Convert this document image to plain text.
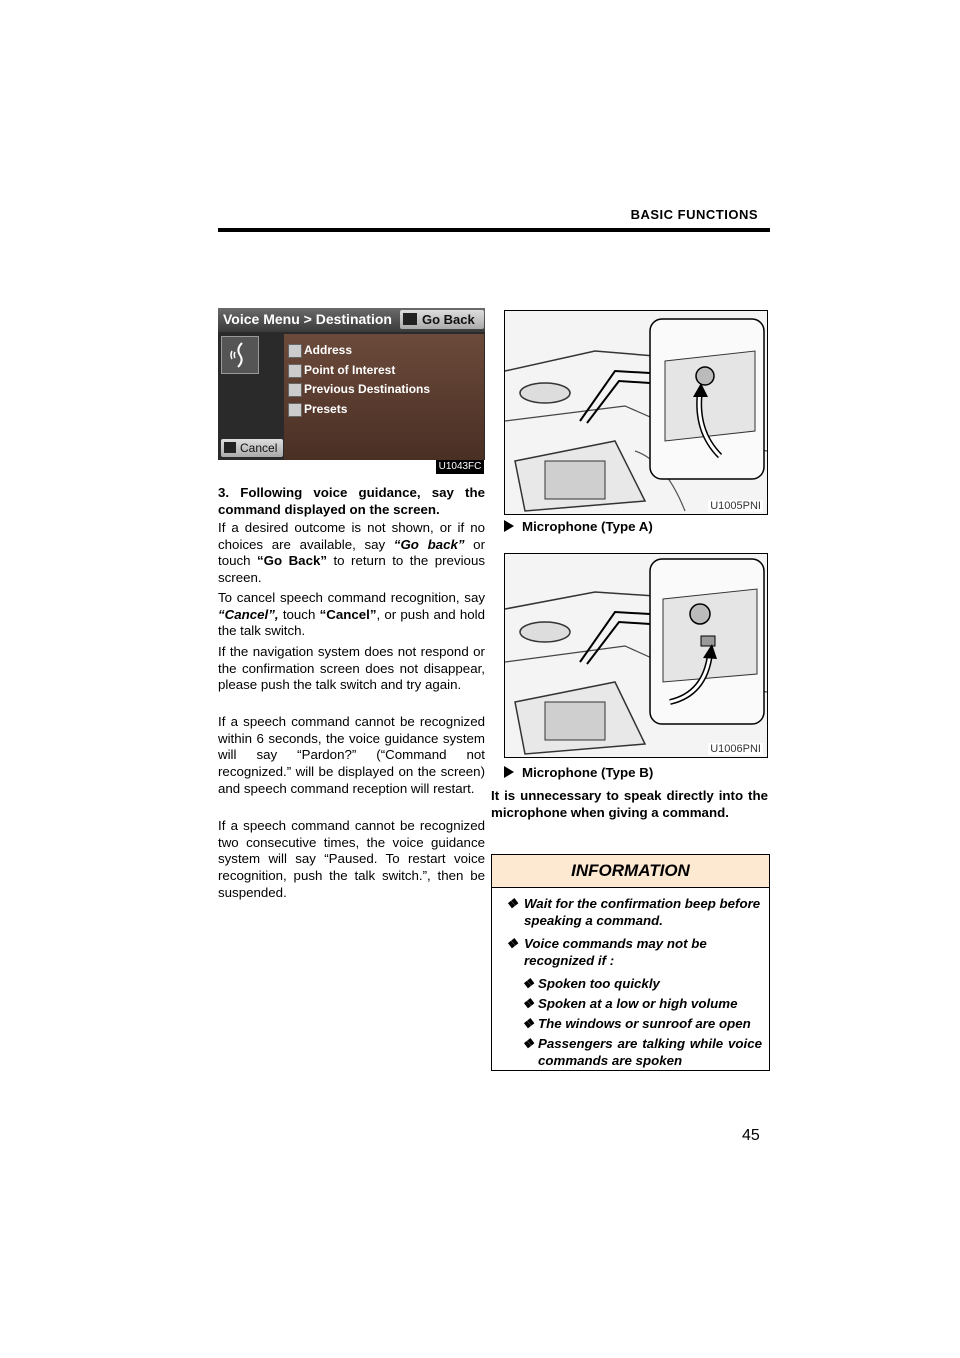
BASIC FUNCTIONS
Voice Menu > Destination Go Back
Address
Point of Interest
Previous Destinations
Presets
Cancel
U1043FC
3. Following voice guidance, say the command displayed on the screen.
If a desired outcome is not shown, or if no choices are available, say “Go back” or touch “Go Back” to return to the previous screen.
To cancel speech command recognition, say “Cancel”, touch “Cancel”, or push and hold the talk switch.
If the navigation system does not respond or the confirmation screen does not disappear, please push the talk switch and try again.
If a speech command cannot be recognized within 6 seconds, the voice guidance system will say “Pardon?” (“Command not recognized.” will be displayed on the screen) and speech command reception will restart.
If a speech command cannot be recognized two consecutive times, the voice guidance system will say “Paused. To restart voice recognition, push the talk switch.”, then be suspended.
U1005PNI
Microphone (Type A)
U1006PNI
Microphone (Type B)
It is unnecessary to speak directly into the microphone when giving a command.
INFORMATION
❖ Wait for the confirmation beep before speaking a command.
❖ Voice commands may not be recognized if :
❖ Spoken too quickly
❖ Spoken at a low or high volume
❖ The windows or sunroof are open
❖ Passengers are talking while voice commands are spoken
45
